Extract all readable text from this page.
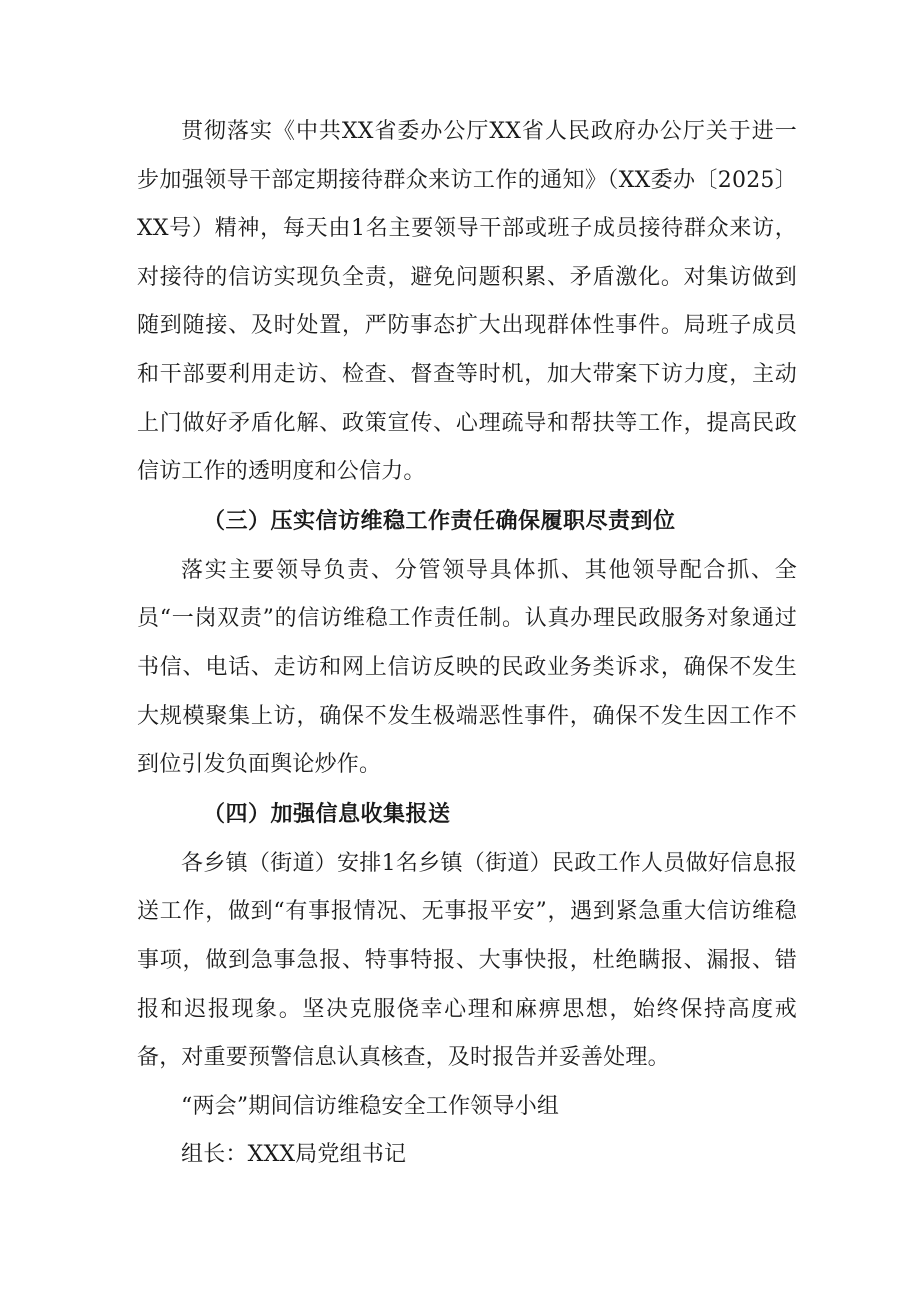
贯彻落实《中共XX省委办公厅XX省人民政府办公厅关于进一步加强领导干部定期接待群众来访工作的通知》（XX委办〔2025〕XX号）精神，每天由1名主要领导干部或班子成员接待群众来访，对接待的信访实现负全责，避免问题积累、矛盾激化。对集访做到随到随接、及时处置，严防事态扩大出现群体性事件。局班子成员和干部要利用走访、检查、督查等时机，加大带案下访力度，主动上门做好矛盾化解、政策宣传、心理疏导和帮扶等工作，提高民政信访工作的透明度和公信力。

（三）压实信访维稳工作责任确保履职尽责到位

落实主要领导负责、分管领导具体抓、其他领导配合抓、全员“一岗双责”的信访维稳工作责任制。认真办理民政服务对象通过书信、电话、走访和网上信访反映的民政业务类诉求，确保不发生大规模聚集上访，确保不发生极端恶性事件，确保不发生因工作不到位引发负面舆论炒作。

（四）加强信息收集报送

各乡镇（街道）安排1名乡镇（街道）民政工作人员做好信息报送工作，做到“有事报情况、无事报平安”，遇到紧急重大信访维稳事项，做到急事急报、特事特报、大事快报，杜绝瞒报、漏报、错报和迟报现象。坚决克服侥幸心理和麻痹思想，始终保持高度戒备，对重要预警信息认真核查，及时报告并妥善处理。

“两会”期间信访维稳安全工作领导小组

组长：XXX局党组书记
